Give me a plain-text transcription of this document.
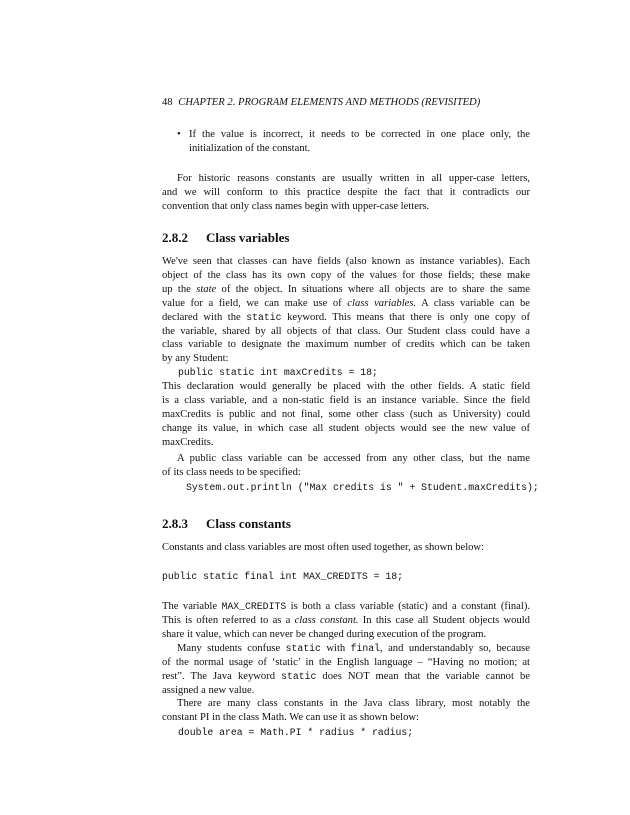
48 CHAPTER 2. PROGRAM ELEMENTS AND METHODS (REVISITED)
• If the value is incorrect, it needs to be corrected in one place only, the
initialization of the constant.
For historic reasons constants are usually written in all upper-case letters,
and we will conform to this practice despite the fact that it contradicts our
convention that only class names begin with upper-case letters.
2.8.2 Class variables
We've seen that classes can have fields (also known as instance variables). Each
object of the class has its own copy of the values for those fields; these make
up the state of the object. In situations where all objects are to share the same
value for a field, we can make use of class variables. A class variable can be
declared with the static keyword. This means that there is only one copy of
the variable, shared by all objects of that class. Our Student class could have a
class variable to designate the maximum number of credits which can be taken
by any Student:
public static int maxCredits = 18;
This declaration would generally be placed with the other fields. A static field
is a class variable, and a non-static field is an instance variable. Since the field
maxCredits is public and not final, some other class (such as University) could
change its value, in which case all student objects would see the new value of
maxCredits.
A public class variable can be accessed from any other class, but the name
of its class needs to be specified:
System.out.println ("Max credits is " + Student.maxCredits);
2.8.3 Class constants
Constants and class variables are most often used together, as shown below:
public static final int MAX_CREDITS = 18;
The variable MAX_CREDITS is both a class variable (static) and a constant (final).
This is often referred to as a class constant. In this case all Student objects would
share it value, which can never be changed during execution of the program.
Many students confuse static with final, and understandably so, because
of the normal usage of ‘static’ in the English language – “Having no motion; at
rest”. The Java keyword static does NOT mean that the variable cannot be
assigned a new value.
There are many class constants in the Java class library, most notably the
constant PI in the class Math. We can use it as shown below:
double area = Math.PI * radius * radius;
